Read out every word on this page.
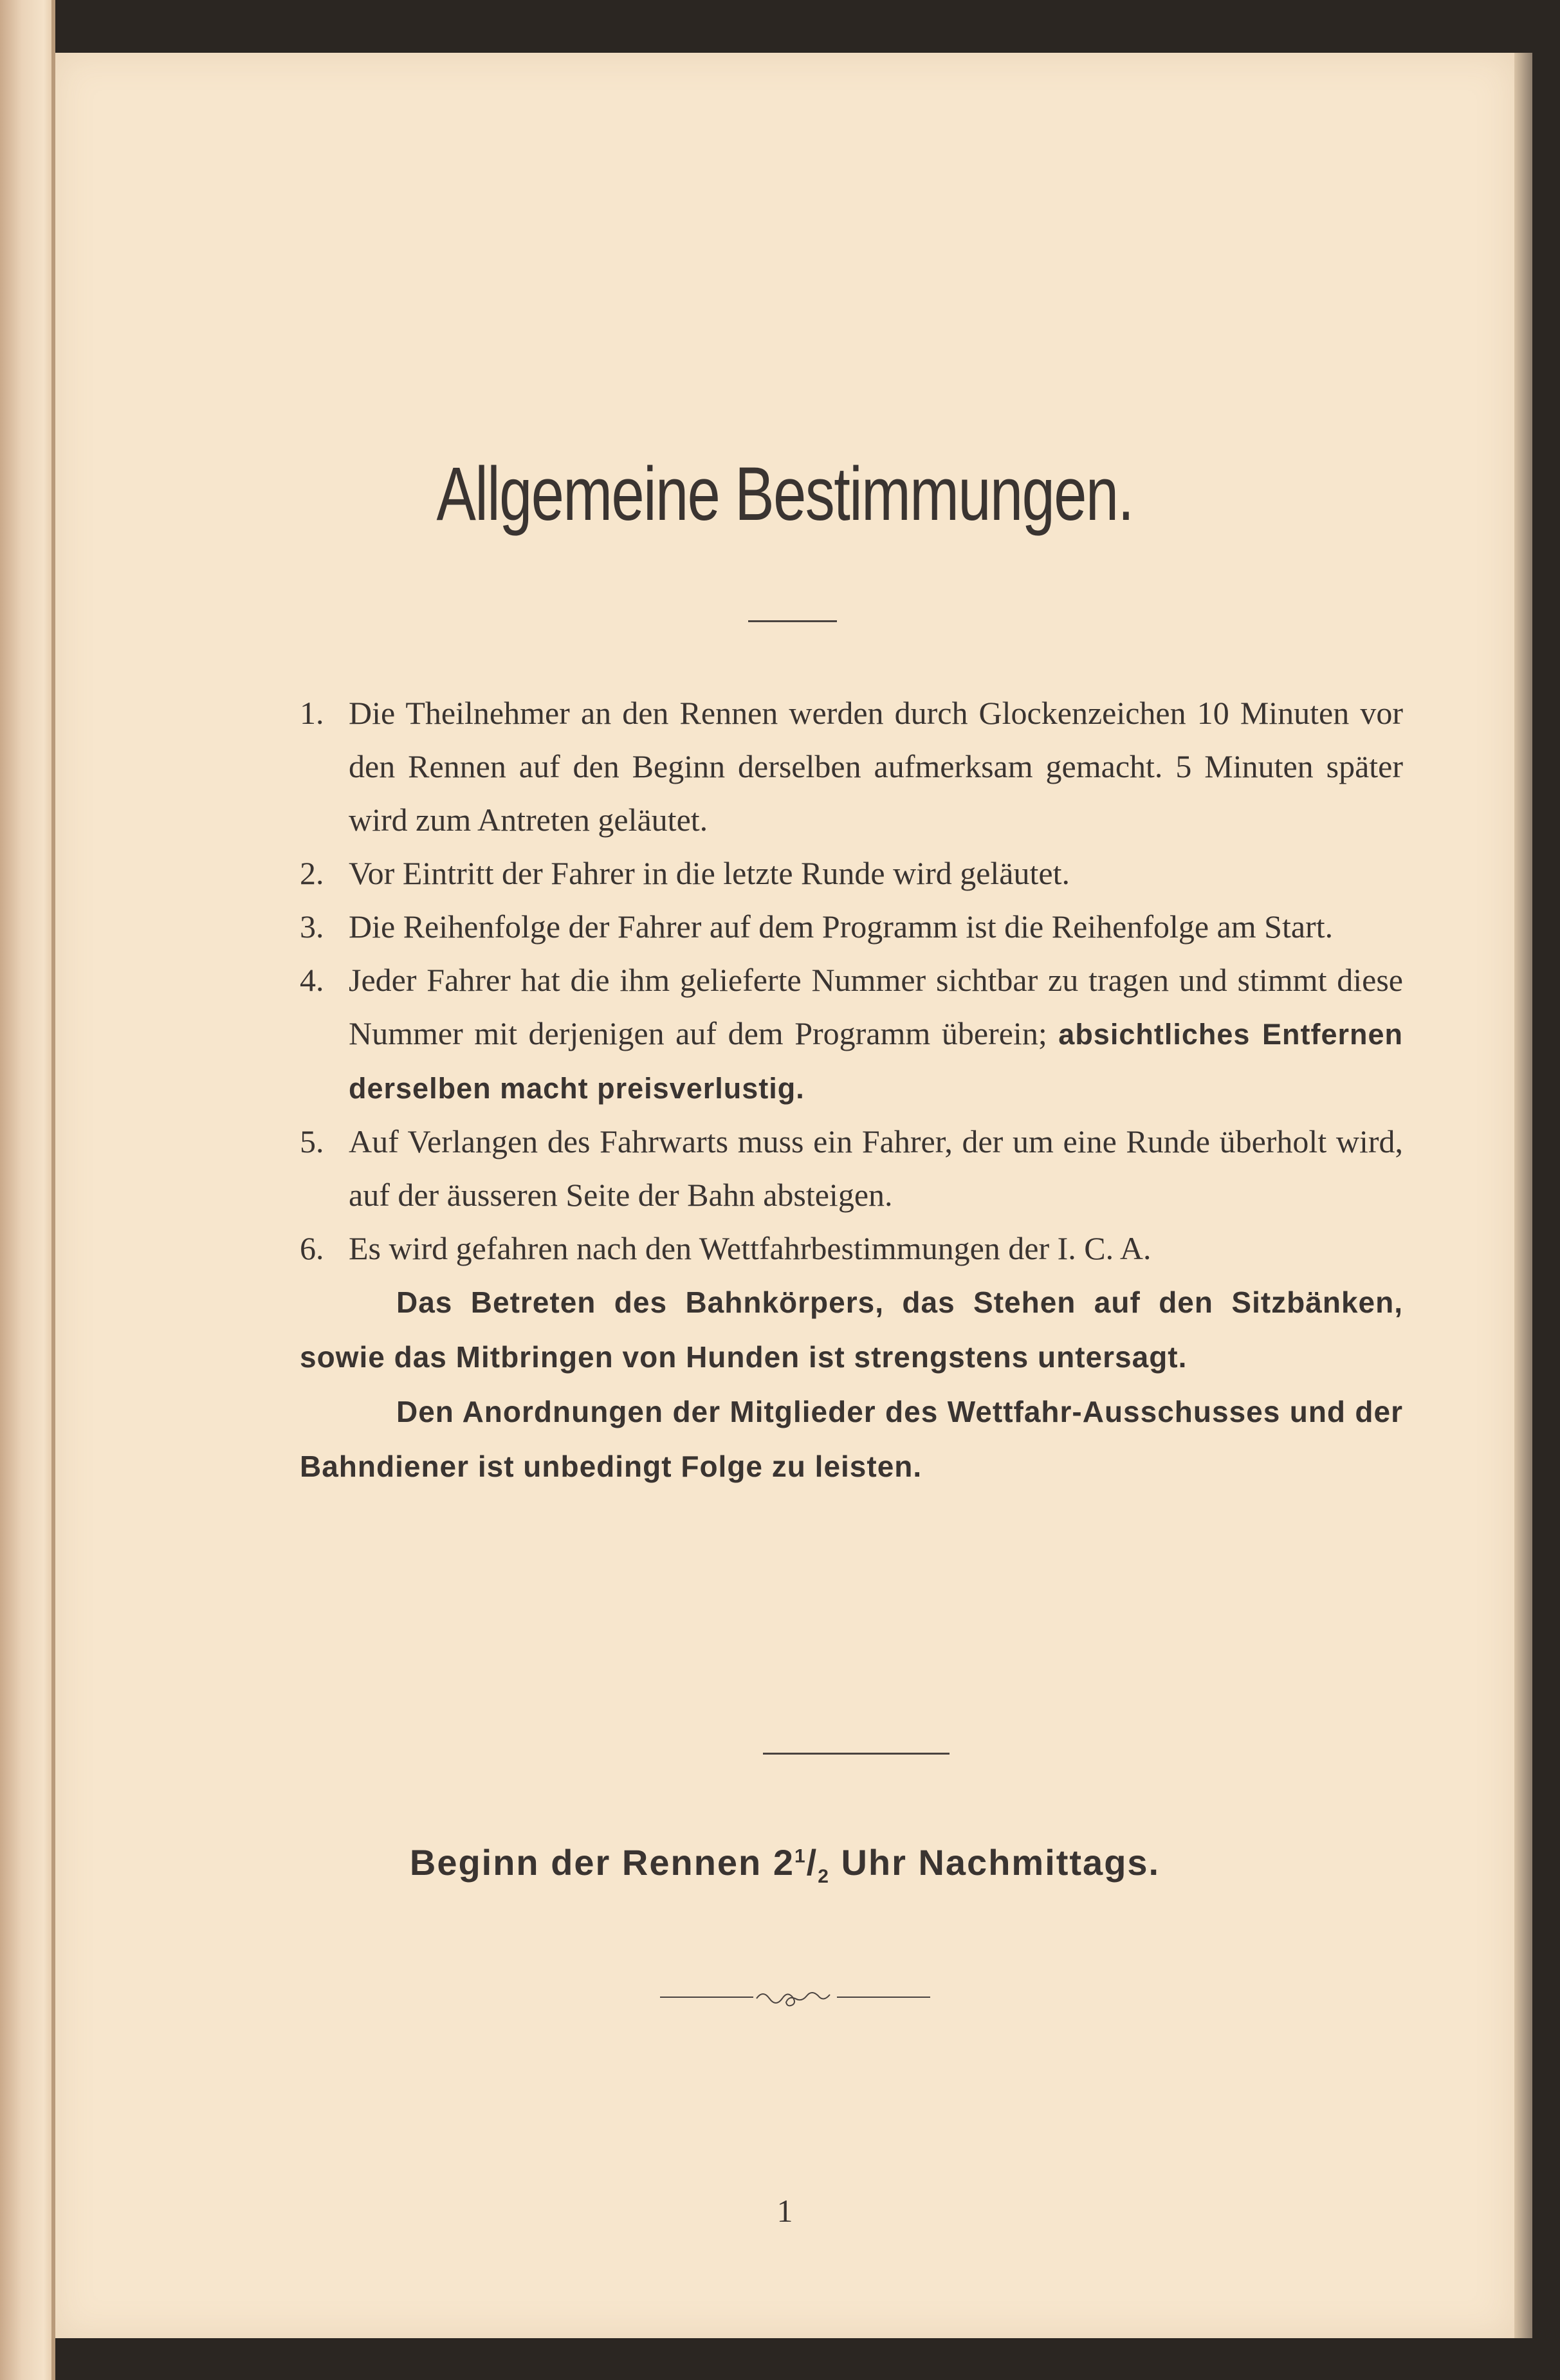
Allgemeine Bestimmungen.
1. Die Theilnehmer an den Rennen werden durch Glockenzeichen 10 Minuten vor den Rennen auf den Beginn derselben aufmerksam gemacht. 5 Minuten später wird zum Antreten geläutet.
2. Vor Eintritt der Fahrer in die letzte Runde wird geläutet.
3. Die Reihenfolge der Fahrer auf dem Programm ist die Reihenfolge am Start.
4. Jeder Fahrer hat die ihm gelieferte Nummer sichtbar zu tragen und stimmt diese Nummer mit derjenigen auf dem Programm überein; absichtliches Entfernen derselben macht preisverlustig.
5. Auf Verlangen des Fahrwarts muss ein Fahrer, der um eine Runde überholt wird, auf der äusseren Seite der Bahn absteigen.
6. Es wird gefahren nach den Wettfahrbestimmungen der I. C. A.
Das Betreten des Bahnkörpers, das Stehen auf den Sitzbänken, sowie das Mitbringen von Hunden ist strengstens untersagt.
Den Anordnungen der Mitglieder des Wettfahr-Ausschusses und der Bahndiener ist unbedingt Folge zu leisten.
Beginn der Rennen $2^1/_2$ Uhr Nachmittags.
1
